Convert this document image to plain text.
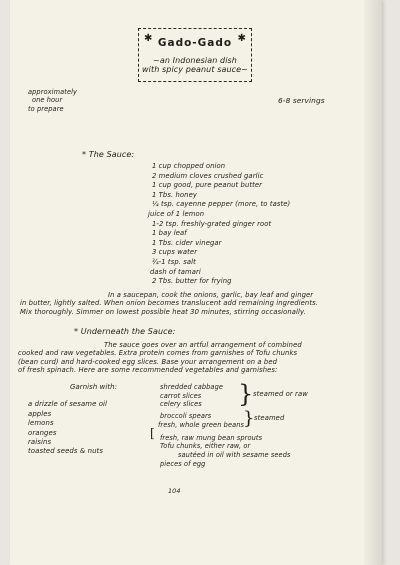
✱	✱
Gado-Gado
~an Indonesian dish
with spicy peanut sauce~
approximately
one hour
to prepare
6-8 servings
* The Sauce:
1 cup chopped onion
2 medium cloves crushed garlic
1 cup good, pure peanut butter
1 Tbs. honey
¼ tsp. cayenne pepper (more, to taste)
juice of 1 lemon
1-2 tsp. freshly-grated ginger root
1 bay leaf
1 Tbs. cider vinegar
3 cups water
¾-1 tsp. salt
dash of tamari
2 Tbs. butter for frying
In a saucepan, cook the onions, garlic, bay leaf and ginger
in butter, lightly salted. When onion becomes translucent add remaining ingredients.
Mix thoroughly. Simmer on lowest possible heat 30 minutes, stirring occasionally.
* Underneath the Sauce:
The sauce goes over an artful arrangement of combined
cooked and raw vegetables. Extra protein comes from garnishes of Tofu chunks
(bean curd) and hard-cooked egg slices. Base your arrangement on a bed
of fresh spinach. Here are some recommended vegetables and garnishes:
Garnish with:
a drizzle of sesame oil
apples
lemons
oranges
raisins
toasted seeds & nuts
shredded cabbage
carrot slices
celery slices
broccoli spears
fresh, whole green beans
fresh, raw mung bean sprouts
Tofu chunks, either raw, or
sautéed in oil with sesame seeds
pieces of egg
[
} steamed or raw
} steamed
104
